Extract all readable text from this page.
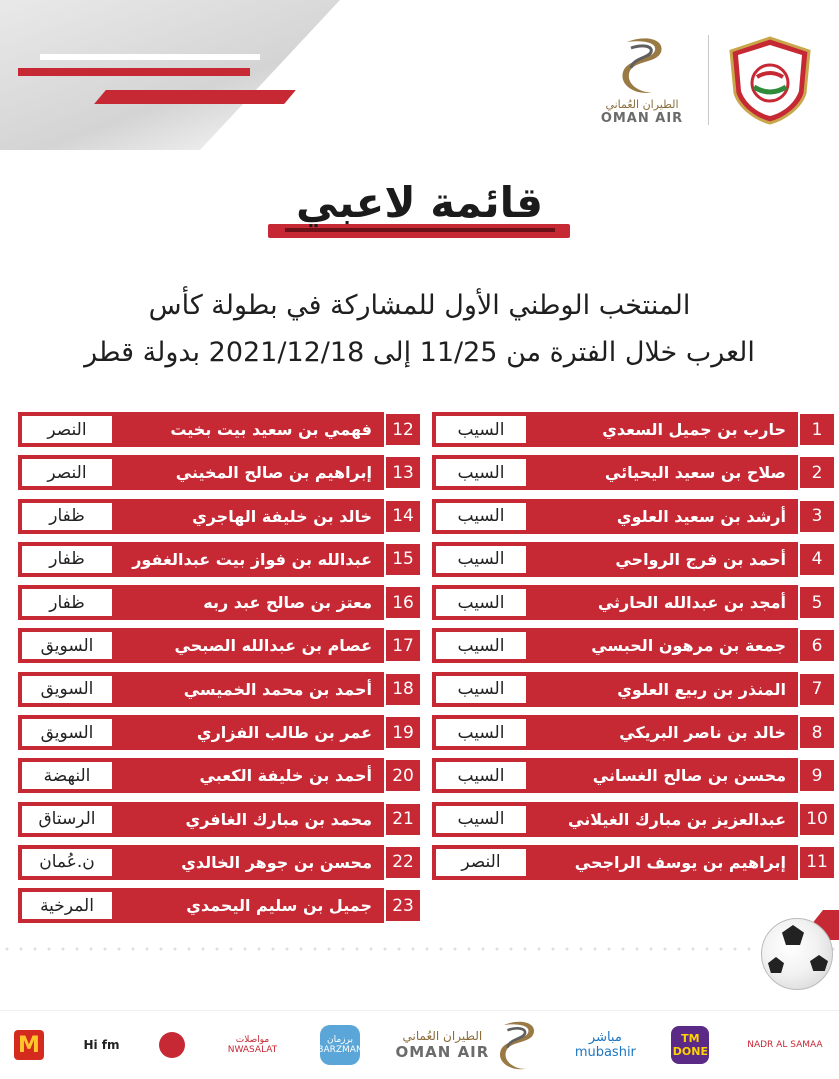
الطيران العُماني
OMAN AIR
قائمة لاعبي
المنتخب الوطني الأول للمشاركة في بطولة كأس
العرب خلال الفترة من 11/25 إلى 2021/12/18 بدولة قطر
1
حارب بن جميل السعدي
السيب
2
صلاح بن سعيد اليحيائي
السيب
3
أرشد بن سعيد العلوي
السيب
4
أحمد بن فرج الرواحي
السيب
5
أمجد بن عبدالله الحارثي
السيب
6
جمعة بن مرهون الحبسي
السيب
7
المنذر بن ربيع العلوي
السيب
8
خالد بن ناصر البريكي
السيب
9
محسن بن صالح الغساني
السيب
10
عبدالعزيز بن مبارك الغيلاني
السيب
11
إبراهيم بن يوسف الراجحي
النصر
12
فهمي بن سعيد بيت بخيت
النصر
13
إبراهيم بن صالح المخيني
النصر
14
خالد بن خليفة الهاجري
ظفار
15
عبدالله بن فواز بيت عبدالغفور
ظفار
16
معتز بن صالح عبد ربه
ظفار
17
عصام بن عبدالله الصبحي
السويق
18
أحمد بن محمد الخميسي
السويق
19
عمر بن طالب الفزاري
السويق
20
أحمد بن خليفة الكعبي
النهضة
21
محمد بن مبارك الغافري
الرستاق
22
محسن بن جوهر الخالدي
ن.عُمان
23
جميل بن سليم اليحمدي
المرخية
M	Hi fm	مواصلات
NWASALAT
برزمان
BARZMAN
الطيران العُماني
OMAN AIR
مباشر
mubashir
TM
DONE	NADR AL SAMAA
